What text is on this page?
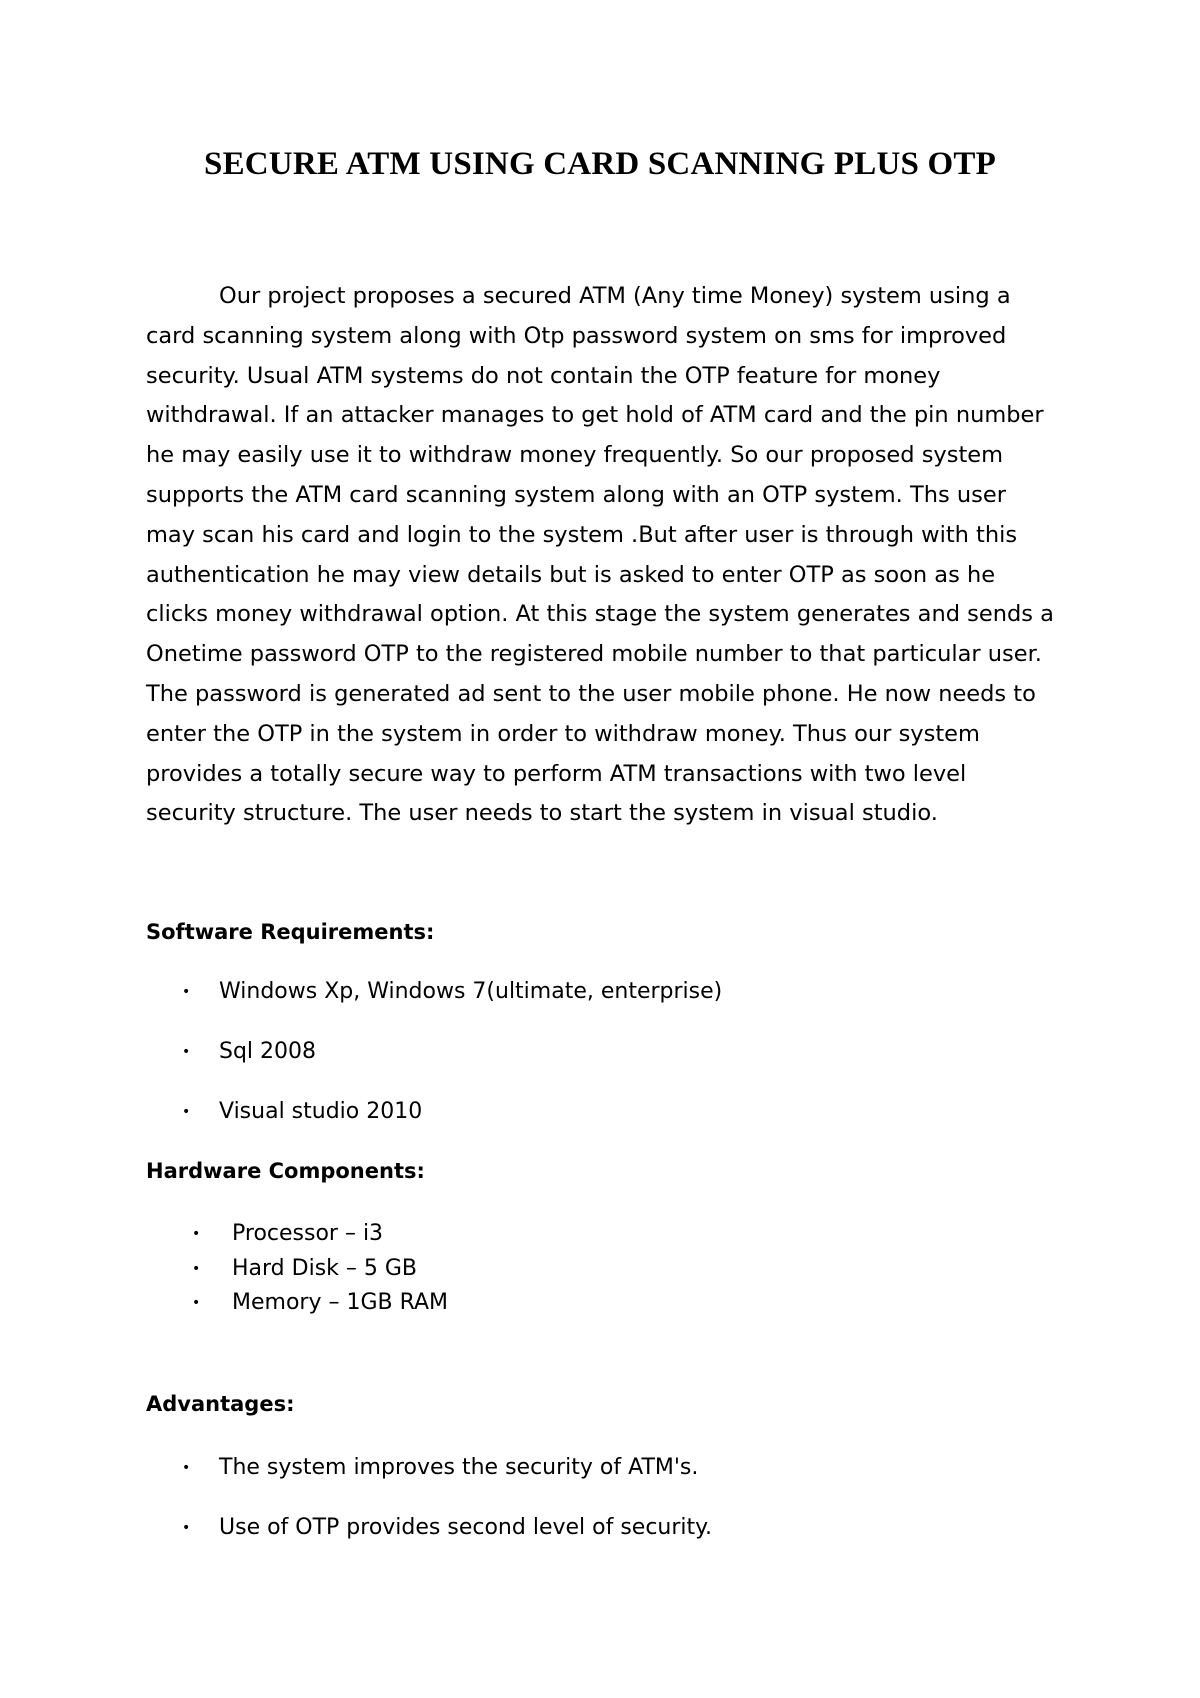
SECURE ATM USING CARD SCANNING PLUS OTP

Our project proposes a secured ATM (Any time Money) system using a
card scanning system along with Otp password system on sms for improved
security. Usual ATM systems do not contain the OTP feature for money
withdrawal. If an attacker manages to get hold of ATM card and the pin number
he may easily use it to withdraw money frequently. So our proposed system
supports the ATM card scanning system along with an OTP system. Ths user
may scan his card and login to the system .But after user is through with this
authentication he may view details but is asked to enter OTP as soon as he
clicks money withdrawal option. At this stage the system generates and sends a
Onetime password OTP to the registered mobile number to that particular user.
The password is generated ad sent to the user mobile phone. He now needs to
enter the OTP in the system in order to withdraw money. Thus our system
provides a totally secure way to perform ATM transactions with two level
security structure. The user needs to start the system in visual studio.

Software Requirements:
• Windows Xp, Windows 7(ultimate, enterprise)
• Sql 2008
• Visual studio 2010
Hardware Components:
• Processor – i3
• Hard Disk – 5 GB
• Memory – 1GB RAM
Advantages:
• The system improves the security of ATM's.
• Use of OTP provides second level of security.
